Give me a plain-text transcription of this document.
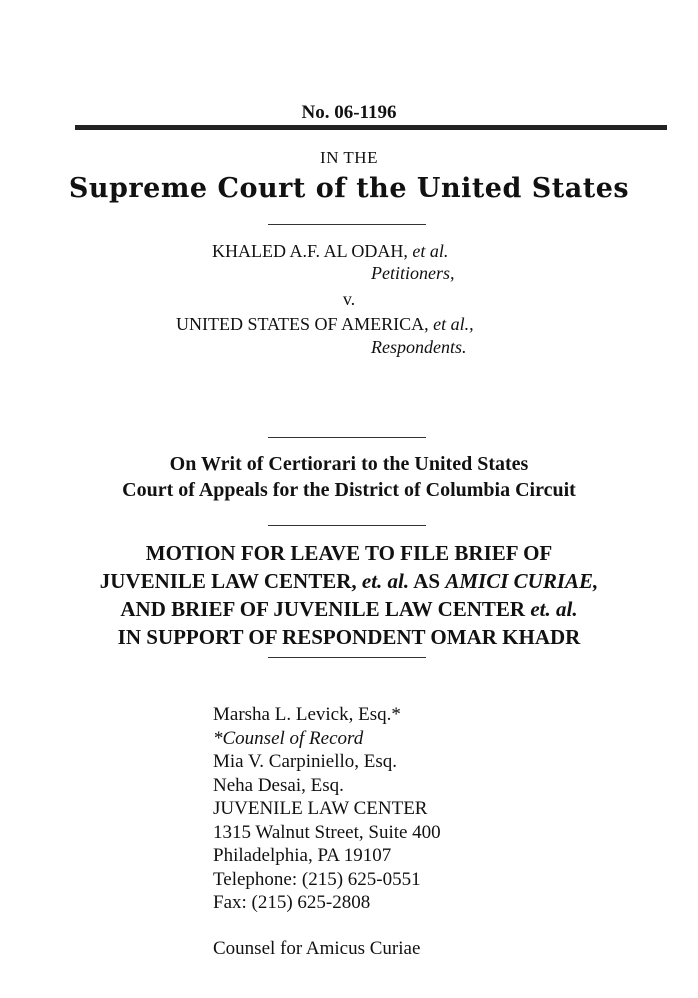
No. 06-1196
IN THE
Supreme Court of the United States
KHALED A.F. AL ODAH, et al.
Petitioners,
v.
UNITED STATES OF AMERICA, et al.,
Respondents.
On Writ of Certiorari to the United States
Court of Appeals for the District of Columbia Circuit
MOTION FOR LEAVE TO FILE BRIEF OF
JUVENILE LAW CENTER, et. al. AS AMICI CURIAE,
AND BRIEF OF JUVENILE LAW CENTER et. al.
IN SUPPORT OF RESPONDENT OMAR KHADR
Marsha L. Levick, Esq.*
*Counsel of Record
Mia V. Carpiniello, Esq.
Neha Desai, Esq.
JUVENILE LAW CENTER
1315 Walnut Street, Suite 400
Philadelphia, PA 19107
Telephone: (215) 625-0551
Fax: (215) 625-2808
Counsel for Amicus Curiae
